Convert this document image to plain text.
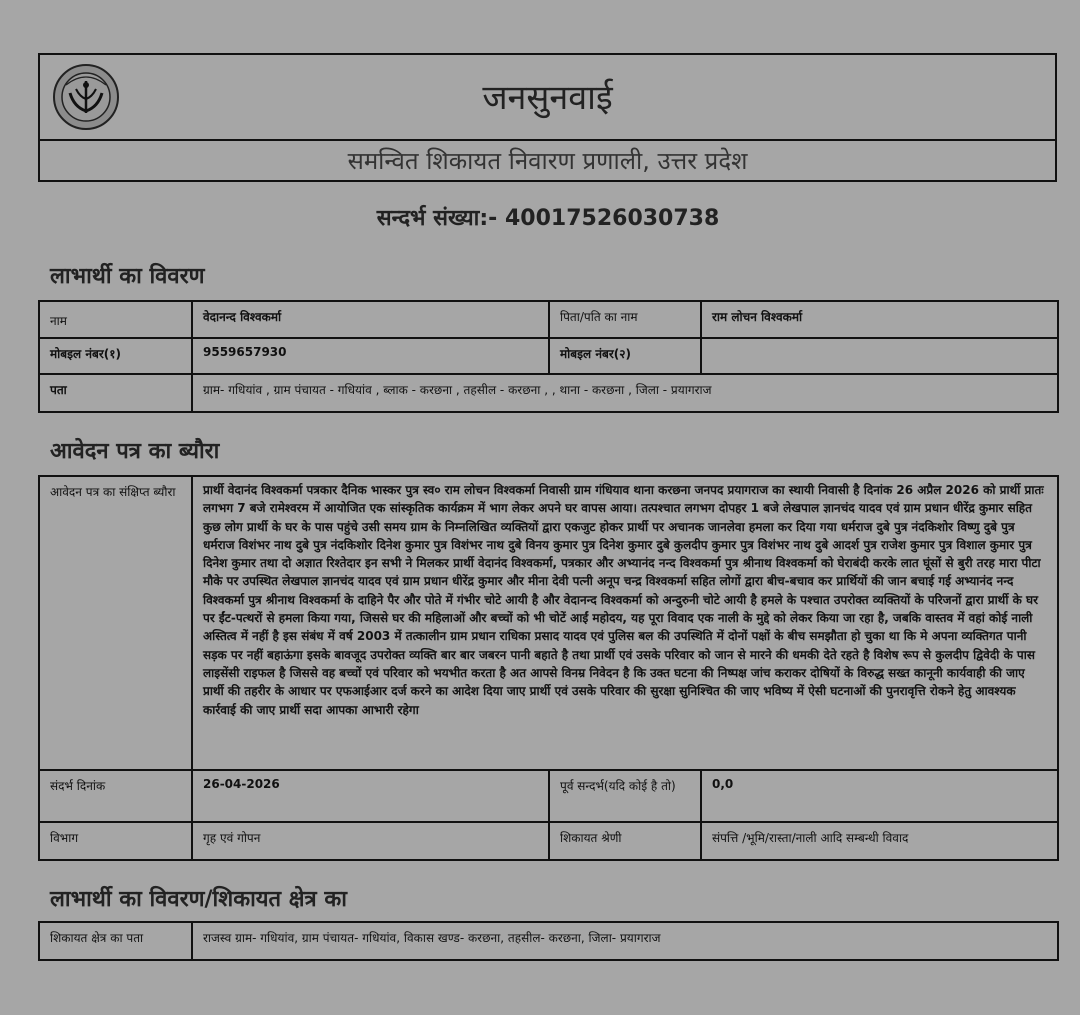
जनसुनवाई
समन्वित शिकायत निवारण प्रणाली, उत्तर प्रदेश
सन्दर्भ संख्या:- 40017526030738
लाभार्थी का विवरण
नाम	वेदानन्द विश्वकर्मा	पिता/पति का नाम	राम लोचन विश्वकर्मा
मोबइल नंबर(१)	9559657930	मोबइल नंबर(२)	
पता	ग्राम- गधियांव , ग्राम पंचायत - गधियांव , ब्लाक - करछना , तहसील - करछना , , थाना - करछना , जिला - प्रयागराज		
आवेदन पत्र का ब्यौरा
आवेदन पत्र का संक्षिप्त ब्यौरा	प्रार्थी वेदानंद विश्वकर्मा पत्रकार दैनिक भास्कर पुत्र स्व० राम लोचन विश्वकर्मा निवासी ग्राम गंधियाव थाना करछना जनपद प्रयागराज का स्थायी निवासी है दिनांक 26 अप्रैल 2026 को प्रार्थी प्रातः लगभग 7 बजे रामेश्वरम में आयोजित एक सांस्कृतिक कार्यक्रम में भाग लेकर अपने घर वापस आया। तत्पश्चात लगभग दोपहर 1 बजे लेखपाल ज्ञानचंद यादव एवं ग्राम प्रधान धीरेंद्र कुमार सहित कुछ लोग प्रार्थी के घर के पास पहुंचे उसी समय ग्राम के निम्नलिखित व्यक्तियों द्वारा एकजुट होकर प्रार्थी पर अचानक जानलेवा हमला कर दिया गया धर्मराज दुबे पुत्र नंदकिशोर विष्णु दुबे पुत्र धर्मराज विशंभर नाथ दुबे पुत्र नंदकिशोर दिनेश कुमार पुत्र विशंभर नाथ दुबे विनय कुमार पुत्र दिनेश कुमार दुबे कुलदीप कुमार पुत्र विशंभर नाथ दुबे आदर्श पुत्र राजेश कुमार पुत्र विशाल कुमार पुत्र दिनेश कुमार तथा दो अज्ञात रिश्तेदार इन सभी ने मिलकर प्रार्थी वेदानंद विश्वकर्मा, पत्रकार और अभ्यानंद नन्द विश्वकर्मा पुत्र श्रीनाथ विश्वकर्मा को घेराबंदी करके लात घूंसों से बुरी तरह मारा पीटा मौके पर उपस्थित लेखपाल ज्ञानचंद यादव एवं ग्राम प्रधान धीरेंद्र कुमार और मीना देवी पत्नी अनूप चन्द्र विश्वकर्मा सहित लोगों द्वारा बीच-बचाव कर प्रार्थियों की जान बचाई गई अभ्यानंद नन्द विश्वकर्मा पुत्र श्रीनाथ विश्वकर्मा के दाहिने पैर और पोते में गंभीर चोटे आयी है और वेदानन्द विश्वकर्मा को अन्दुरुनी चोटे आयी है हमले के पश्चात उपरोक्त व्यक्तियों के परिजनों द्वारा प्रार्थी के घर पर ईंट-पत्थरों से हमला किया गया, जिससे घर की महिलाओं और बच्चों को भी चोटें आईं महोदय, यह पूरा विवाद एक नाली के मुद्दे को लेकर किया जा रहा है, जबकि वास्तव में वहां कोई नाली अस्तित्व में नहीं है इस संबंध में वर्ष 2003 में तत्कालीन ग्राम प्रधान राधिका प्रसाद यादव एवं पुलिस बल की उपस्थिति में दोनों पक्षों के बीच समझौता हो चुका था कि मे अपना व्यक्तिगत पानी सड़क पर नहीं बहाऊंगा इसके बावजूद उपरोक्त व्यक्ति बार बार जबरन पानी बहाते है तथा प्रार्थी एवं उसके परिवार को जान से मारने की धमकी देते रहते है विशेष रूप से कुलदीप द्विवेदी के पास लाइसेंसी राइफल है जिससे वह बच्चों एवं परिवार को भयभीत करता है अत आपसे विनम्र निवेदन है कि उक्त घटना की निष्पक्ष जांच कराकर दोषियों के विरुद्ध सख्त कानूनी कार्यवाही की जाए प्रार्थी की तहरीर के आधार पर एफआईआर दर्ज करने का आदेश दिया जाए प्रार्थी एवं उसके परिवार की सुरक्षा सुनिश्चित की जाए भविष्य में ऐसी घटनाओं की पुनरावृत्ति रोकने हेतु आवश्यक कार्रवाई की जाए प्रार्थी सदा आपका आभारी रहेगा		
संदर्भ दिनांक	26-04-2026	पूर्व सन्दर्भ(यदि कोई है तो)	0,0
विभाग	गृह एवं गोपन	शिकायत श्रेणी	संपत्ति /भूमि/रास्ता/नाली आदि सम्बन्धी विवाद
लाभार्थी का विवरण/शिकायत क्षेत्र का
शिकायत क्षेत्र का पता	राजस्व ग्राम- गधियांव, ग्राम पंचायत- गधियांव, विकास खण्ड- करछना, तहसील- करछना, जिला- प्रयागराज
